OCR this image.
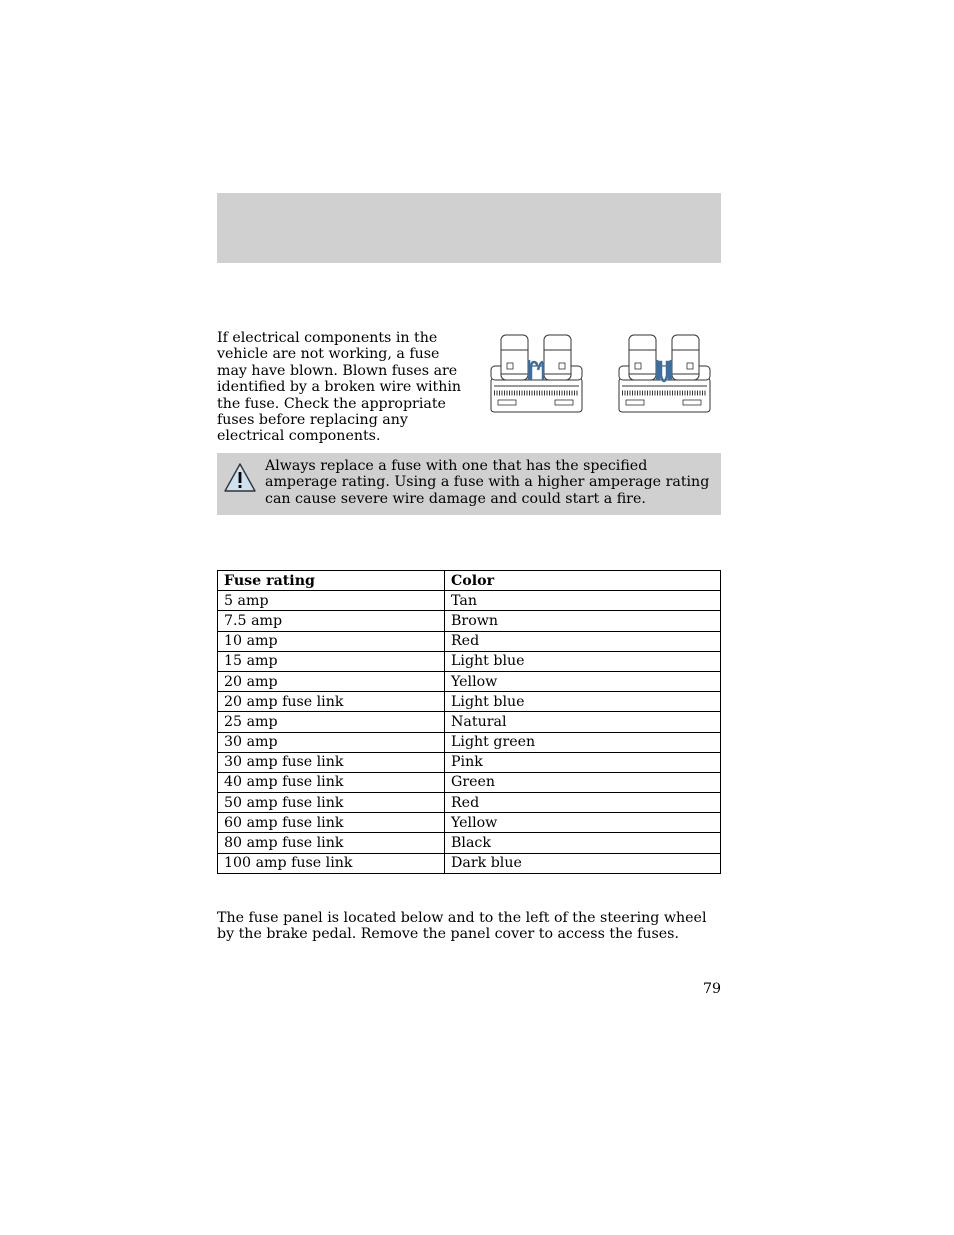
If electrical components in the vehicle are not working, a fuse may have blown. Blown fuses are identified by a broken wire within the fuse. Check the appropriate fuses before replacing any electrical components.
Always replace a fuse with one that has the specified amperage rating. Using a fuse with a higher amperage rating can cause severe wire damage and could start a fire.
Fuse rating	Color
5 amp	Tan
7.5 amp	Brown
10 amp	Red
15 amp	Light blue
20 amp	Yellow
20 amp fuse link	Light blue
25 amp	Natural
30 amp	Light green
30 amp fuse link	Pink
40 amp fuse link	Green
50 amp fuse link	Red
60 amp fuse link	Yellow
80 amp fuse link	Black
100 amp fuse link	Dark blue
The fuse panel is located below and to the left of the steering wheel by the brake pedal. Remove the panel cover to access the fuses.
79
